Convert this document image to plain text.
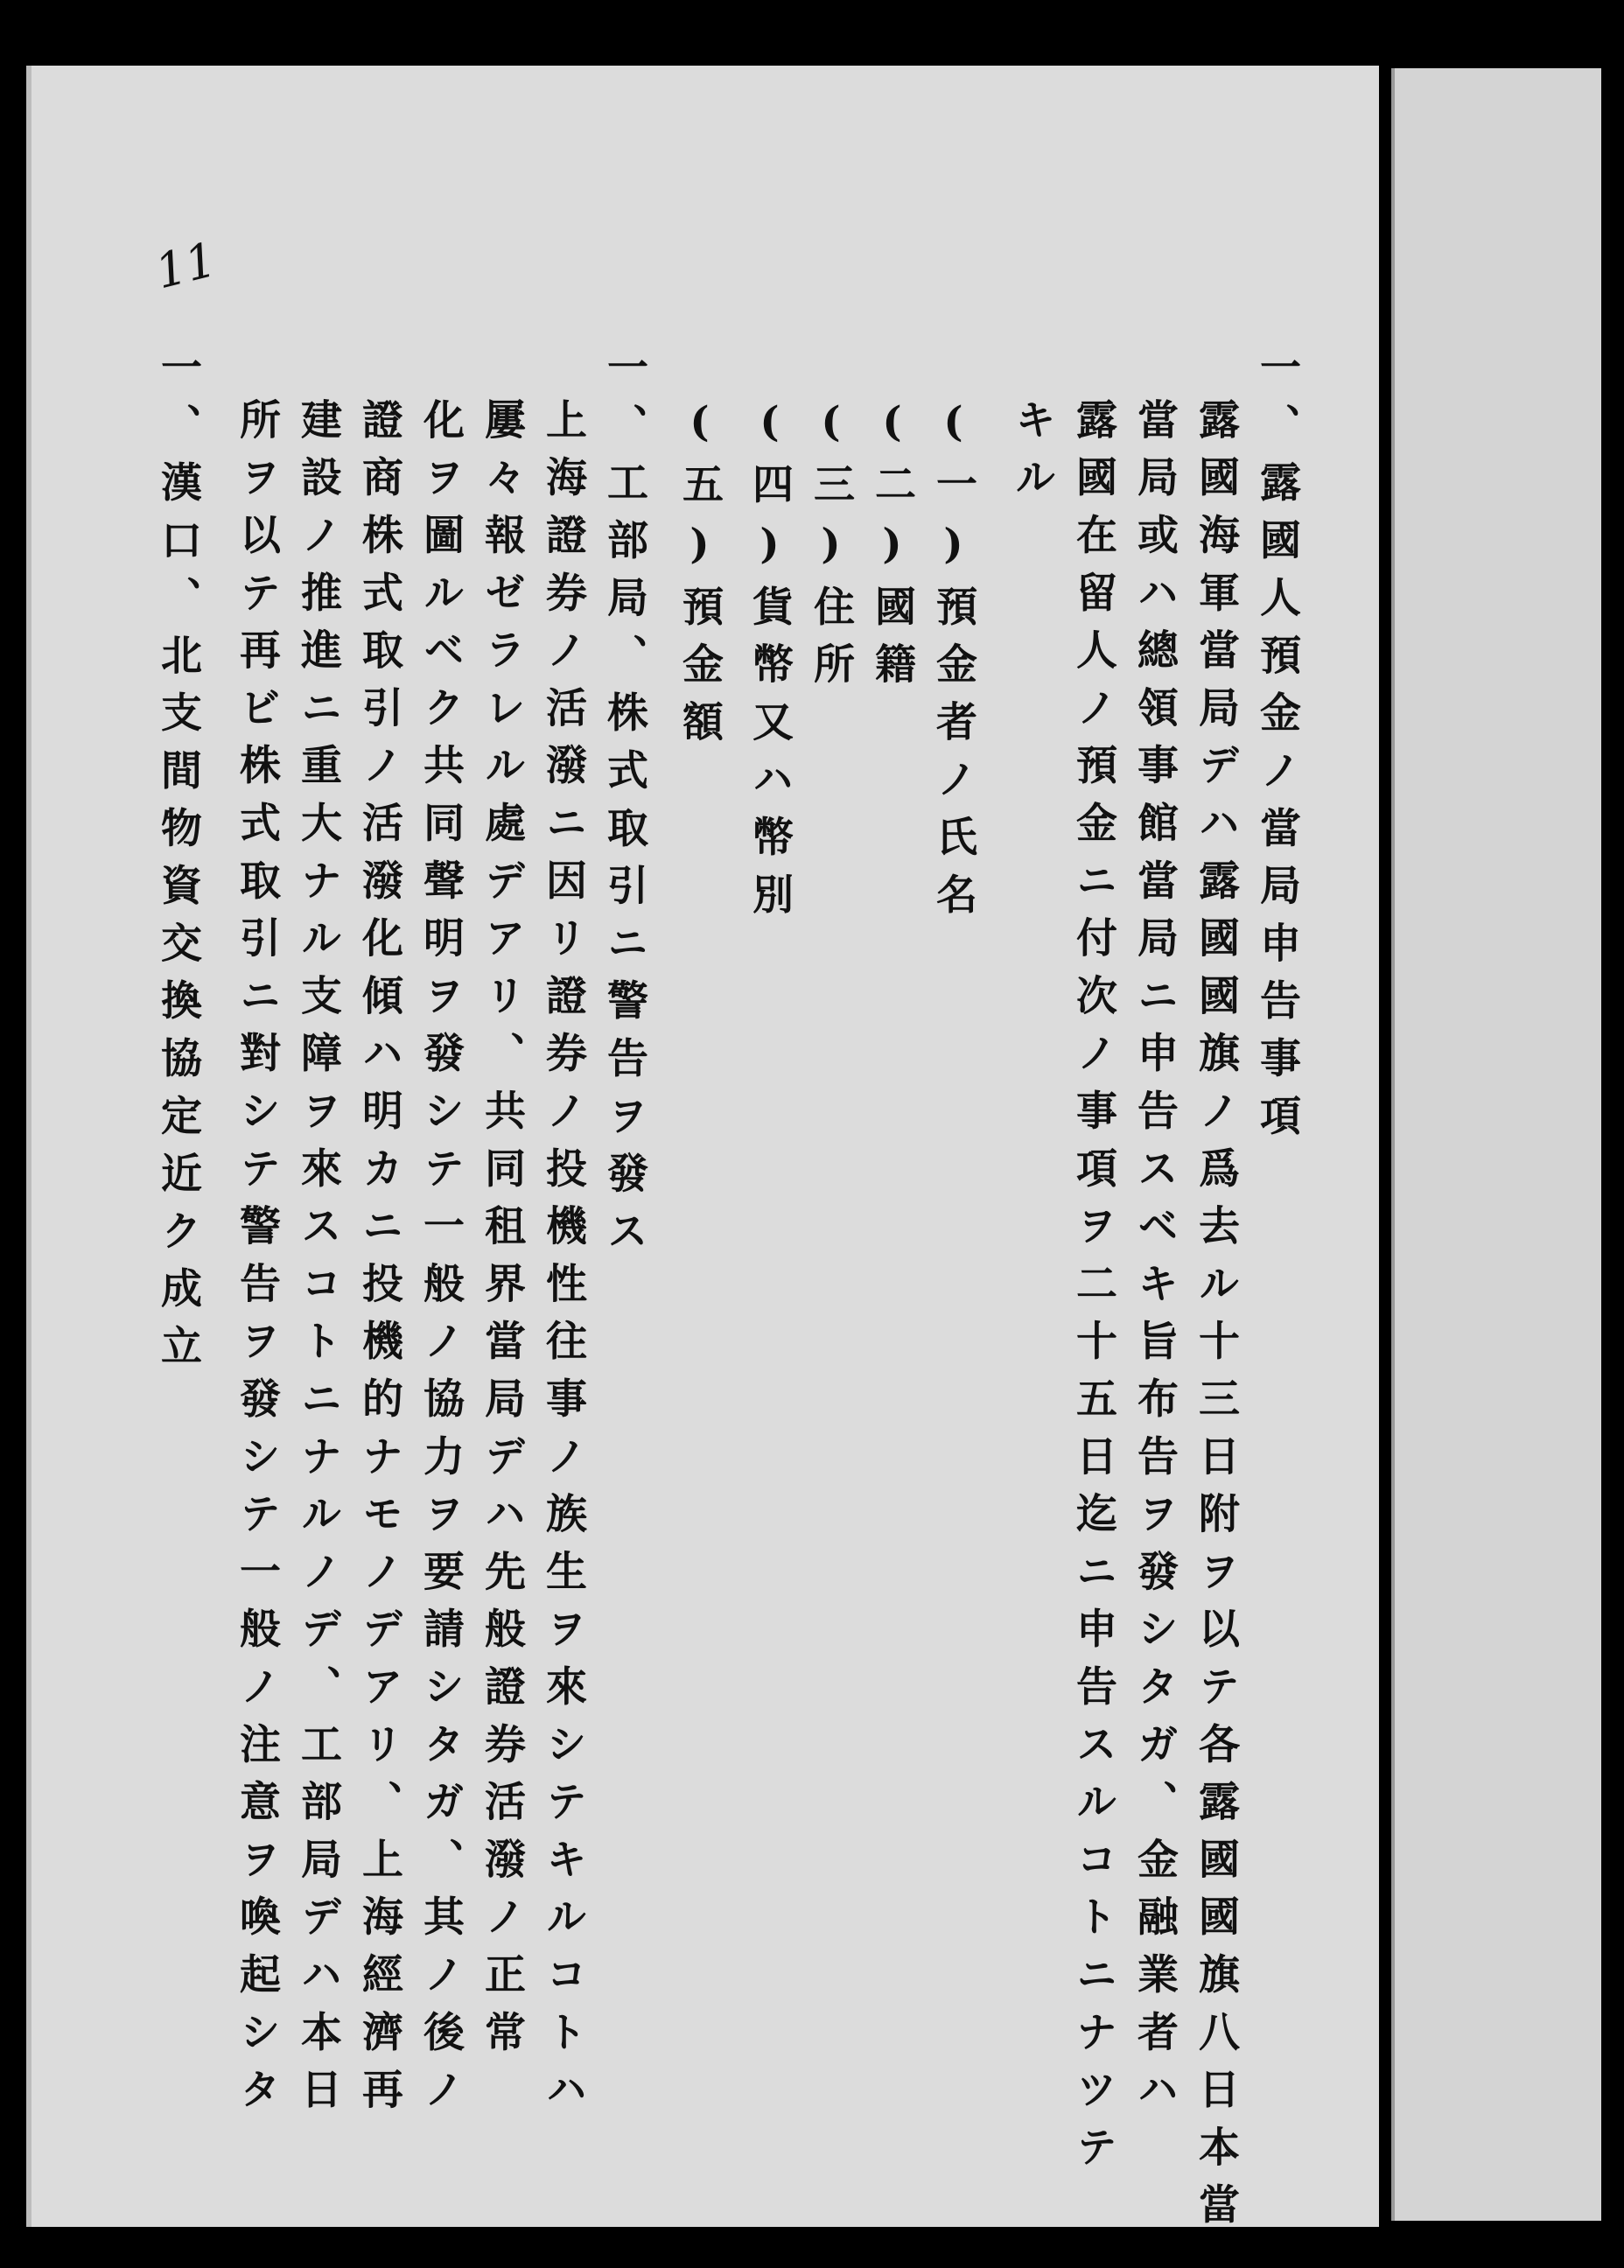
11
一、露國人預金ノ當局申告事項
露國海軍當局デハ露國國旗ノ爲去ル十三日附ヲ以テ各露國國旗八日本當
當局或ハ總領事館當局ニ申告スベキ旨布告ヲ發シタガ、金融業者ハ
露國在留人ノ預金ニ付次ノ事項ヲ二十五日迄ニ申告スルコトニナツテ
キル
(一)預金者ノ氏名
(二)國籍
(三)住所
(四)貨幣又ハ幣別
(五)預金額
一、工部局、株式取引ニ警告ヲ發ス
上海證券ノ活潑ニ因リ證券ノ投機性往事ノ族生ヲ來シテキルコトハ
屢々報ゼラレル處デアリ、共同租界當局デハ先般證券活潑ノ正常
化ヲ圖ルベク共同聲明ヲ發シテ一般ノ協力ヲ要請シタガ、其ノ後ノ
證商株式取引ノ活潑化傾ハ明カニ投機的ナモノデアリ、上海經濟再
建設ノ推進ニ重大ナル支障ヲ來スコトニナルノデ、工部局デハ本日
所ヲ以テ再ビ株式取引ニ對シテ警告ヲ發シテ一般ノ注意ヲ喚起シタ
一、漢口、北支間物資交換協定近ク成立
